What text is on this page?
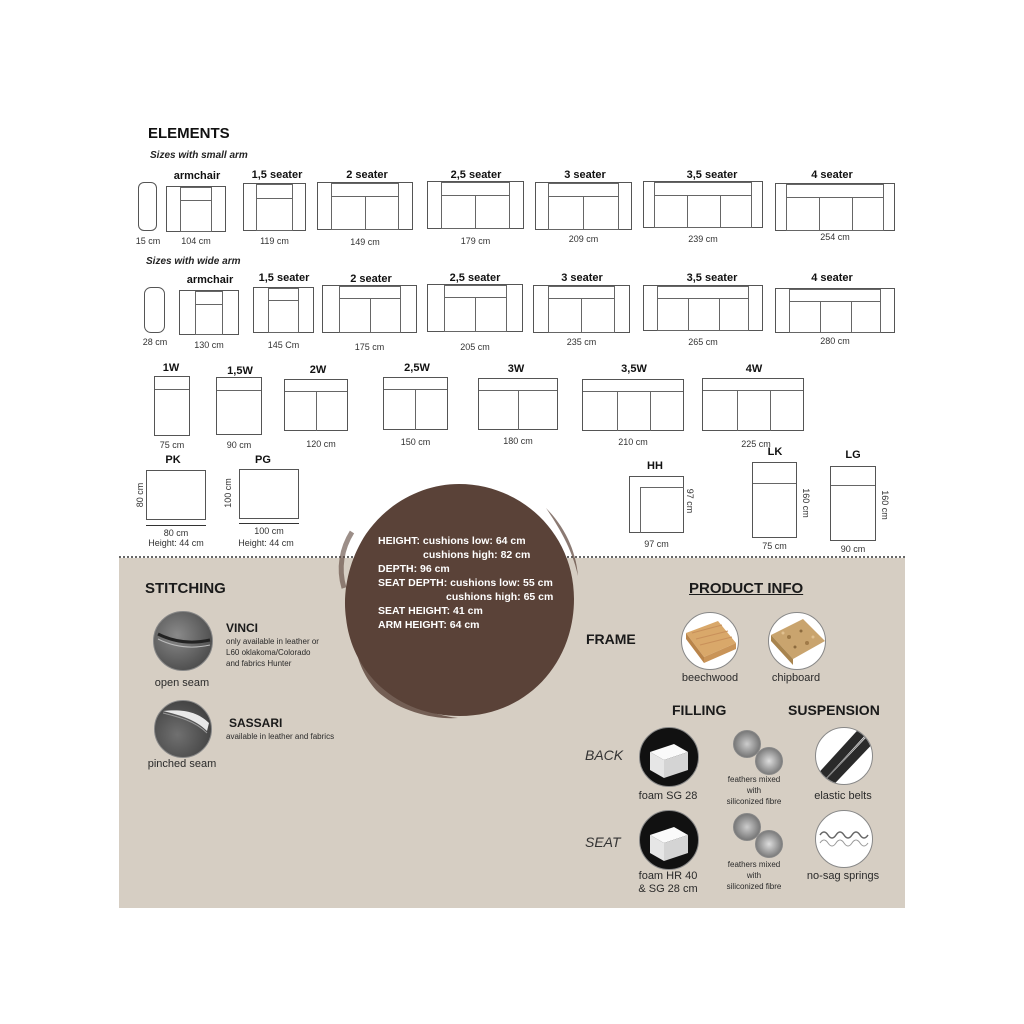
ELEMENTS
Sizes with small arm
15 cm
armchair
104 cm
1,5 seater
119 cm
2 seater
149 cm
2,5 seater
179 cm
3 seater
209 cm
3,5 seater
239 cm
4 seater
254 cm
Sizes with wide arm
28 cm
armchair
130 cm
1,5 seater
145 Cm
2 seater
175 cm
2,5 seater
205 cm
3 seater
235 cm
3,5 seater
265 cm
4 seater
280 cm
1W
75 cm
1,5W
90 cm
2W
120 cm
2,5W
150 cm
3W
180 cm
3,5W
210 cm
4W
225 cm
PK
80 cm
80 cm
Height: 44 cm
PG
100 cm
100 cm
Height: 44 cm
HH
97 cm
97 cm
LK
160 cm
75 cm
LG
160 cm
90 cm
HEIGHT: cushions low: 64 cm
cushions high: 82 cm
DEPTH: 96 cm
SEAT DEPTH: cushions low: 55 cm
cushions high: 65 cm
SEAT HEIGHT: 41 cm
ARM HEIGHT: 64 cm
STITCHING
open seam
VINCI
only available in leather or
L60 oklakoma/Colorado
and fabrics Hunter
pinched seam
SASSARI
available in leather and fabrics
PRODUCT INFO
FRAME
beechwood	chipboard
FILLING	SUSPENSION
BACK
SEAT
foam SG 28
foam HR 40
& SG 28 cm
feathers mixed
with
siliconized fibre
feathers mixed
with
siliconized fibre
elastic belts
no-sag springs
